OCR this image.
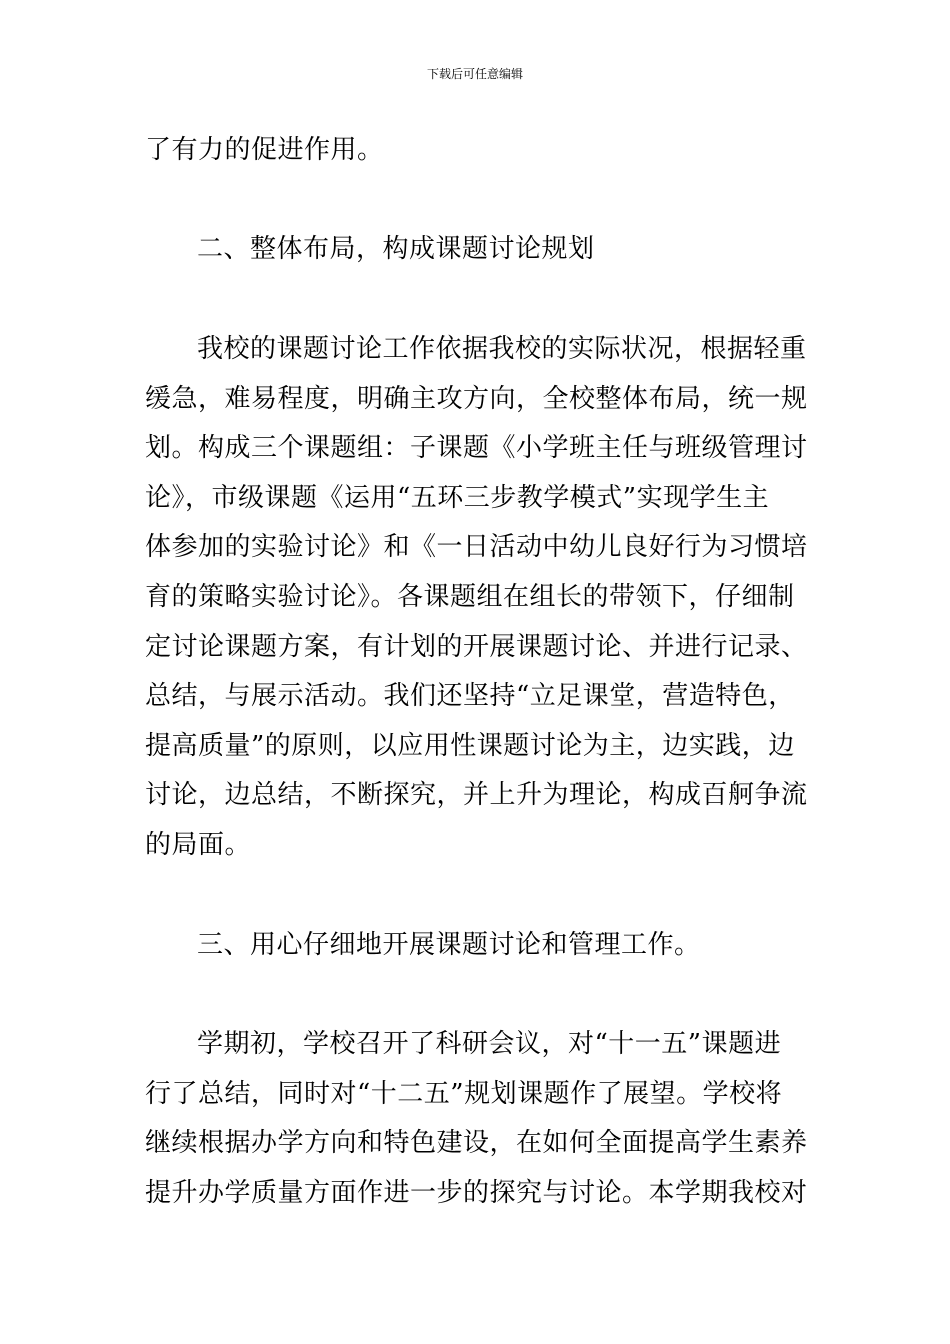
下载后可任意编辑
了有力的促进作用。
二、整体布局，构成课题讨论规划
我校的课题讨论工作依据我校的实际状况，根据轻重
缓急，难易程度，明确主攻方向，全校整体布局，统一规
划。构成三个课题组：子课题《小学班主任与班级管理讨
论》，市级课题《运用“五环三步教学模式”实现学生主
体参加的实验讨论》和《一日活动中幼儿良好行为习惯培
育的策略实验讨论》。各课题组在组长的带领下，仔细制
定讨论课题方案，有计划的开展课题讨论、并进行记录、
总结，与展示活动。我们还坚持“立足课堂，营造特色，
提高质量”的原则，以应用性课题讨论为主，边实践，边
讨论，边总结，不断探究，并上升为理论，构成百舸争流
的局面。
三、用心仔细地开展课题讨论和管理工作。
学期初，学校召开了科研会议，对“十一五”课题进
行了总结，同时对“十二五”规划课题作了展望。学校将
继续根据办学方向和特色建设，在如何全面提高学生素养
提升办学质量方面作进一步的探究与讨论。本学期我校对
